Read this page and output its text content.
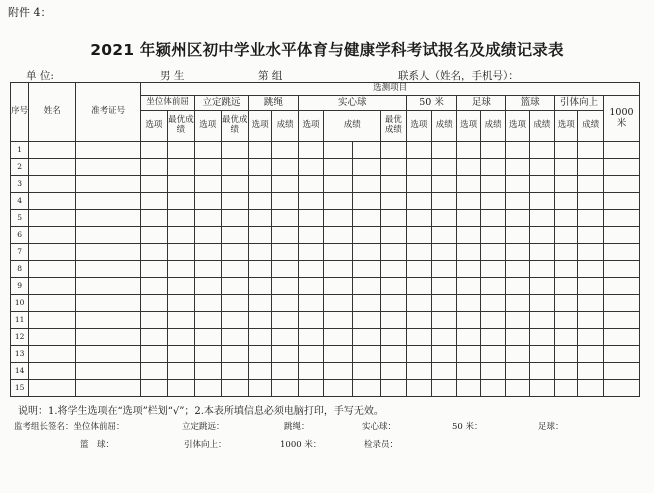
附件 4：
2021 年颍州区初中学业水平体育与健康学科考试报名及成绩记录表
单 位:	男 生	第 组	联系人（姓名，手机号）：
序号	姓名	准考证号	选测项目																		
			坐位体前屈		立定跳远		跳绳		实心球				50 米		足球		篮球		引体向上		1000 米
			选项	最优成绩	选项	最优成绩	选项	成绩	选项	成绩		最优成绩	选项	成绩	选项	成绩	选项	成绩	选项	成绩	
1																					
2																					
3																					
4																					
5																					
6																					
7																					
8																					
9																					
10																					
11																					
12																					
13																					
14																					
15																					
说明：1.将学生选项在“选项”栏划“√”；2.本表所填信息必须电脑打印，手写无效。
监考组长签名：坐位体前屈：	立定跳远：	跳绳：	实心球：	50 米：	足球：
篮　球：	引体向上：	1000 米：	检录员：
